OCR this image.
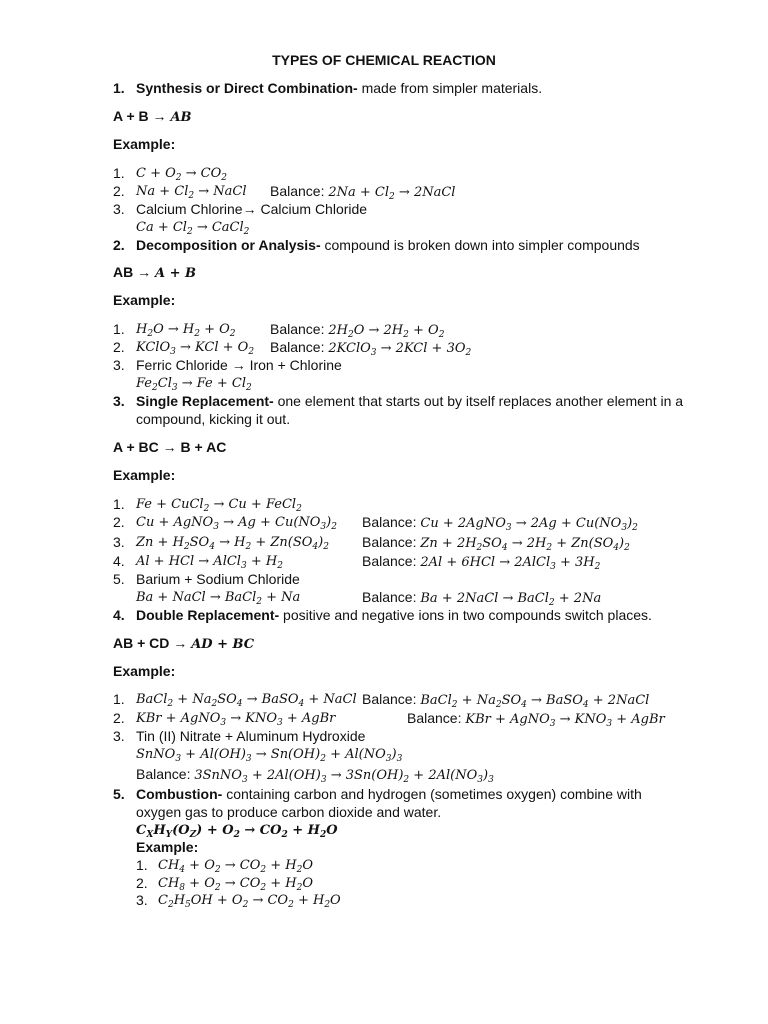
TYPES OF CHEMICAL REACTION
1. Synthesis or Direct Combination- made from simpler materials.
A + B → AB
Example:
1. $C + O_2 \to CO_2$
2. $Na + Cl_2$ → NaCl Balance: $2Na + Cl_2$ → 2NaCl
3. Calcium Chlorine→ Calcium Chloride
$Ca + Cl_2$ → CaCl$_2$
2. Decomposition or Analysis- compound is broken down into simpler compounds
AB → A + B
Example:
1. $H_2O \to H_2 + O_2$ Balance: $2H_2O \to 2H_2 + O_2$
2. KClO$_3$ → KCl + $O_2$ Balance: 2KClO$_3$ → $2KCl + 3O_2$
3. Ferric Chloride → Iron + Chlorine
$Fe_2Cl_3 \to Fe + Cl_2$
3. Single Replacement- one element that starts out by itself replaces another element in a
compound, kicking it out.
A + BC → B + AC
Example:
1. Fe + CuCl$_2$ → Cu + FeCl$_2$
2. Cu + AgNO$_3$ → $Ag + Cu(NO_3)_2$ Balance: Cu + 2AgNO$_3$ → $2Ag + Cu(NO_3)_2$
3. $Zn + H_2SO_4 \to H_2 + Zn(SO_4)_2$ Balance: $Zn + 2H_2SO_4 \to 2H_2 + Zn(SO_4)_2$
4. Al + HCl → AlCl$_3$ + $H_2$	Balance: 2Al + 6HCl → 2AlCl$_3$ + $3H_2$
5. Barium + Sodium Chloride
Ba + NaCl → BaCl$_2$ + Na	Balance: Ba + 2NaCl → BaCl$_2$ + 2Na
4. Double Replacement- positive and negative ions in two compounds switch places.
AB + CD → AD + BC
Example:
1. BaCl$_2$ + $Na_2SO_4$ → BaSO$_4$ + NaCl Balance: BaCl$_2$ + $Na_2SO_4$ → BaSO$_4$ + 2NaCl
2. KBr + AgNO$_3$ → $KNO_3$ + AgBr	Balance: KBr + AgNO$_3$ → $KNO_3$ + AgBr
3. Tin (II) Nitrate + Aluminum Hydroxide
SnNO$_3$ + $Al(OH)_3 \to Sn(OH)_2 + Al(NO_3)_3$
Balance: 3SnNO$_3$ + $2Al(OH)_3 \to 3Sn(OH)_2 + 2Al(NO_3)_3$
5. Combustion- containing carbon and hydrogen (sometimes oxygen) combine with
oxygen gas to produce carbon dioxide and water.
$C_XH_Y(O_Z) + O_2 \to CO_2 + H_2O$
Example:
1. $CH_4 + O_2 \to CO_2 + H_2O$
2. $CH_8 + O_2 \to CO_2 + H_2O$
3. $C_2H_5OH + O_2 \to CO_2 + H_2O$
